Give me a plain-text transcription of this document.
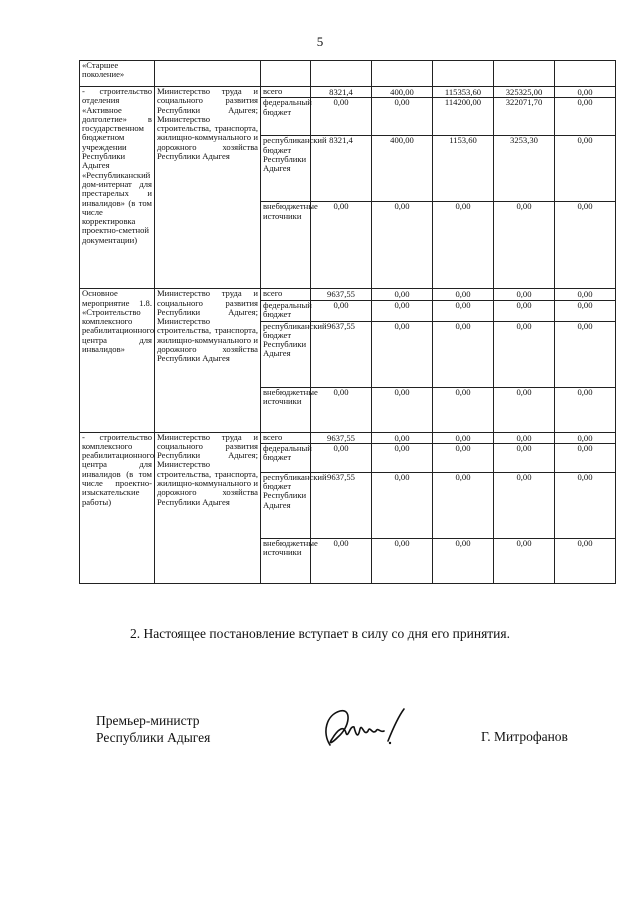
5
«Старшее поколение»							
- строительство отделения «Активное долголетие» в государственном бюджетном учреждении Республики Адыгея «Республиканский дом-интернат для престарелых и инвалидов» (в том числе корректировка проектно-сметной документации)	Министерство труда и социального развития Республики Адыгея; Министерство строительства, транспорта, жилищно-коммунального и дорожного хозяйства Республики Адыгея	всего	8321,4	400,00	115353,60	325325,00	0,00
		федеральный бюджет	0,00	0,00	114200,00	322071,70	0,00
		республиканский бюджет Республики Адыгея	8321,4	400,00	1153,60	3253,30	0,00
		внебюджетные источники	0,00	0,00	0,00	0,00	0,00
Основное мероприятие 1.8. «Строительство комплексного реабилитационного центра для инвалидов»	Министерство труда и социального развития Республики Адыгея; Министерство строительства, транспорта, жилищно-коммунального и дорожного хозяйства Республики Адыгея	всего	9637,55	0,00	0,00	0,00	0,00
		федеральный бюджет	0,00	0,00	0,00	0,00	0,00
		республиканский бюджет Республики Адыгея	9637,55	0,00	0,00	0,00	0,00
		внебюджетные источники	0,00	0,00	0,00	0,00	0,00
- строительство комплексного реабилитационного центра для инвалидов (в том числе проектно-изыскательские работы)	Министерство труда и социального развития Республики Адыгея; Министерство строительства, транспорта, жилищно-коммунального и дорожного хозяйства Республики Адыгея	всего	9637,55	0,00	0,00	0,00	0,00
		федеральный бюджет	0,00	0,00	0,00	0,00	0,00
		республиканский бюджет Республики Адыгея	9637,55	0,00	0,00	0,00	0,00
		внебюджетные источники	0,00	0,00	0,00	0,00	0,00
2. Настоящее постановление вступает в силу со дня его принятия.
Премьер-министр
Республики Адыгея	Г. Митрофанов
